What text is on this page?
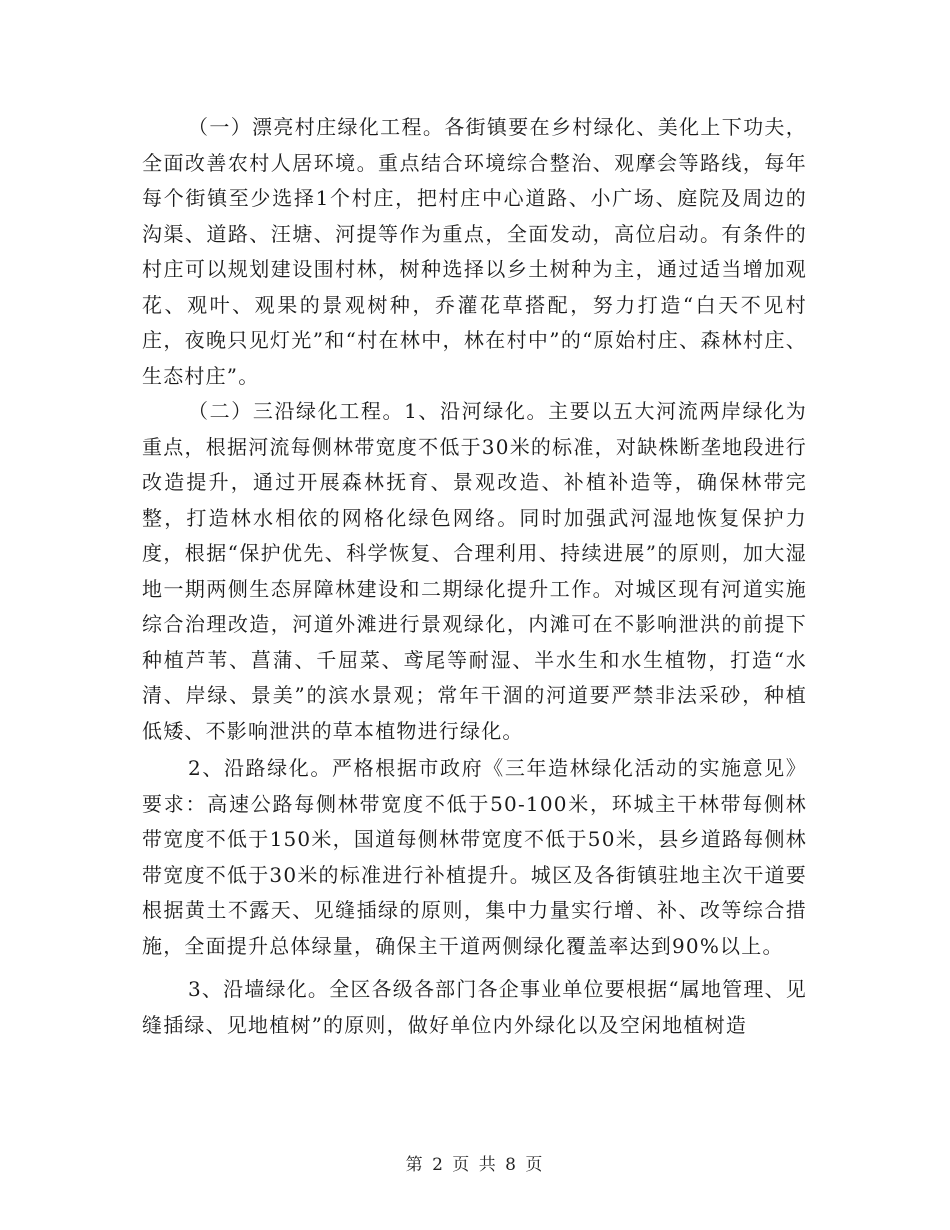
（一）漂亮村庄绿化工程。各街镇要在乡村绿化、美化上下功夫，全面改善农村人居环境。重点结合环境综合整治、观摩会等路线，每年每个街镇至少选择1个村庄，把村庄中心道路、小广场、庭院及周边的沟渠、道路、汪塘、河提等作为重点，全面发动，高位启动。有条件的村庄可以规划建设围村林，树种选择以乡土树种为主，通过适当增加观花、观叶、观果的景观树种，乔灌花草搭配，努力打造“白天不见村庄，夜晚只见灯光”和“村在林中，林在村中”的“原始村庄、森林村庄、生态村庄”。

（二）三沿绿化工程。1、沿河绿化。主要以五大河流两岸绿化为重点，根据河流每侧林带宽度不低于30米的标准，对缺株断垄地段进行改造提升，通过开展森林抚育、景观改造、补植补造等，确保林带完整，打造林水相依的网格化绿色网络。同时加强武河湿地恢复保护力度，根据“保护优先、科学恢复、合理利用、持续进展”的原则，加大湿地一期两侧生态屏障林建设和二期绿化提升工作。对城区现有河道实施综合治理改造，河道外滩进行景观绿化，内滩可在不影响泄洪的前提下种植芦苇、菖蒲、千屈菜、鸢尾等耐湿、半水生和水生植物，打造“水清、岸绿、景美”的滨水景观；常年干涸的河道要严禁非法采砂，种植低矮、不影响泄洪的草本植物进行绿化。

2、沿路绿化。严格根据市政府《三年造林绿化活动的实施意见》要求：高速公路每侧林带宽度不低于50-100米，环城主干林带每侧林带宽度不低于150米，国道每侧林带宽度不低于50米，县乡道路每侧林带宽度不低于30米的标准进行补植提升。城区及各街镇驻地主次干道要根据黄土不露天、见缝插绿的原则，集中力量实行增、补、改等综合措施，全面提升总体绿量，确保主干道两侧绿化覆盖率达到90%以上。

3、沿墙绿化。全区各级各部门各企事业单位要根据“属地管理、见缝插绿、见地植树”的原则，做好单位内外绿化以及空闲地植树造

第 2 页 共 8 页
